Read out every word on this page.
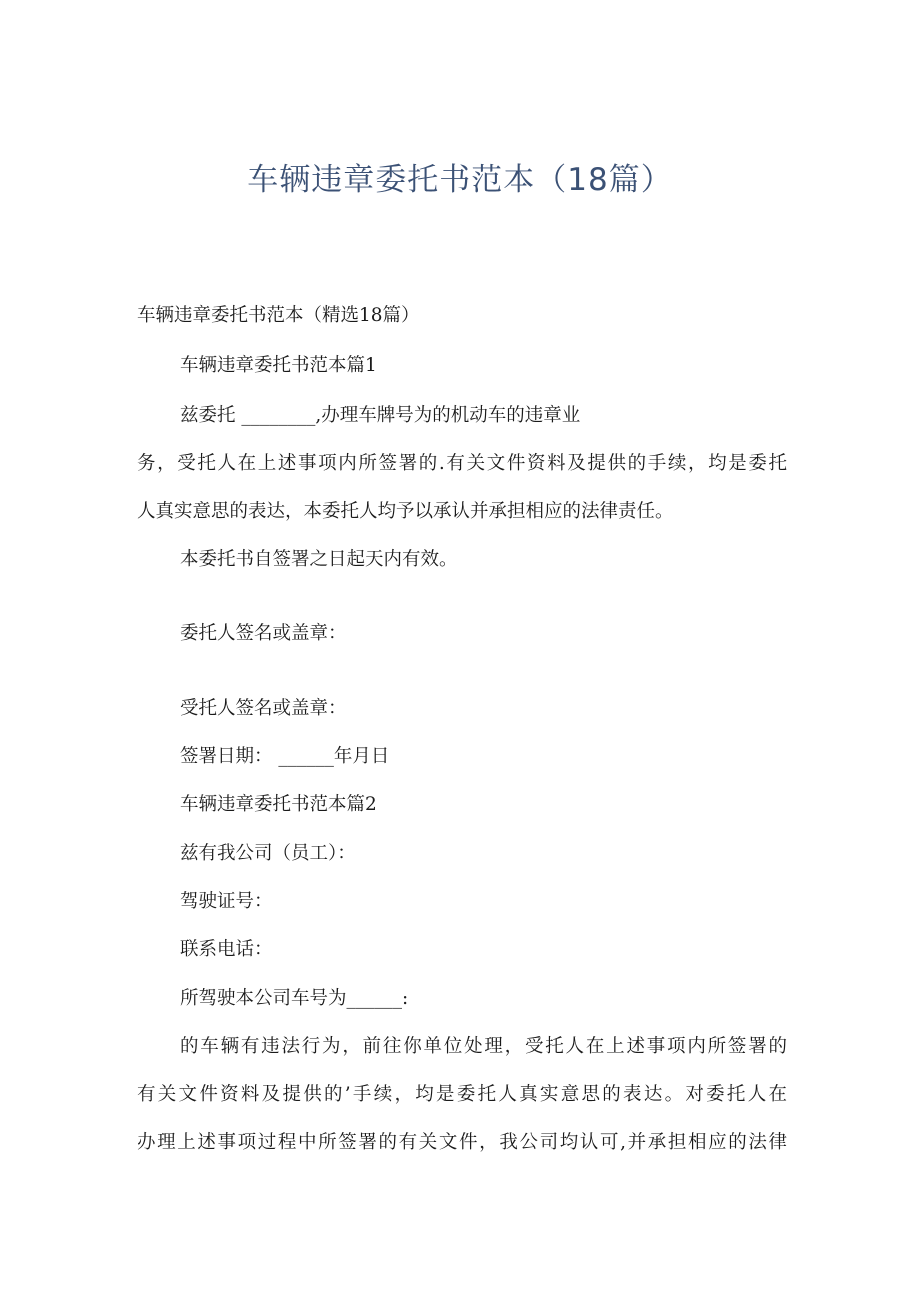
车辆违章委托书范本（18篇）
车辆违章委托书范本（精选18篇）
车辆违章委托书范本篇1
兹委托 ________,办理车牌号为的机动车的违章业
务，受托人在上述事项内所签署的.有关文件资料及提供的手续，均是委托
人真实意思的表达，本委托人均予以承认并承担相应的法律责任。
本委托书自签署之日起天内有效。
委托人签名或盖章：
受托人签名或盖章：
签署日期： ______年月日
车辆违章委托书范本篇2
兹有我公司（员工）：
驾驶证号：
联系电话：
所驾驶本公司车号为______:
的车辆有违法行为，前往你单位处理，受托人在上述事项内所签署的
有关文件资料及提供的’手续，均是委托人真实意思的表达。对委托人在
办理上述事项过程中所签署的有关文件，我公司均认可,并承担相应的法律
